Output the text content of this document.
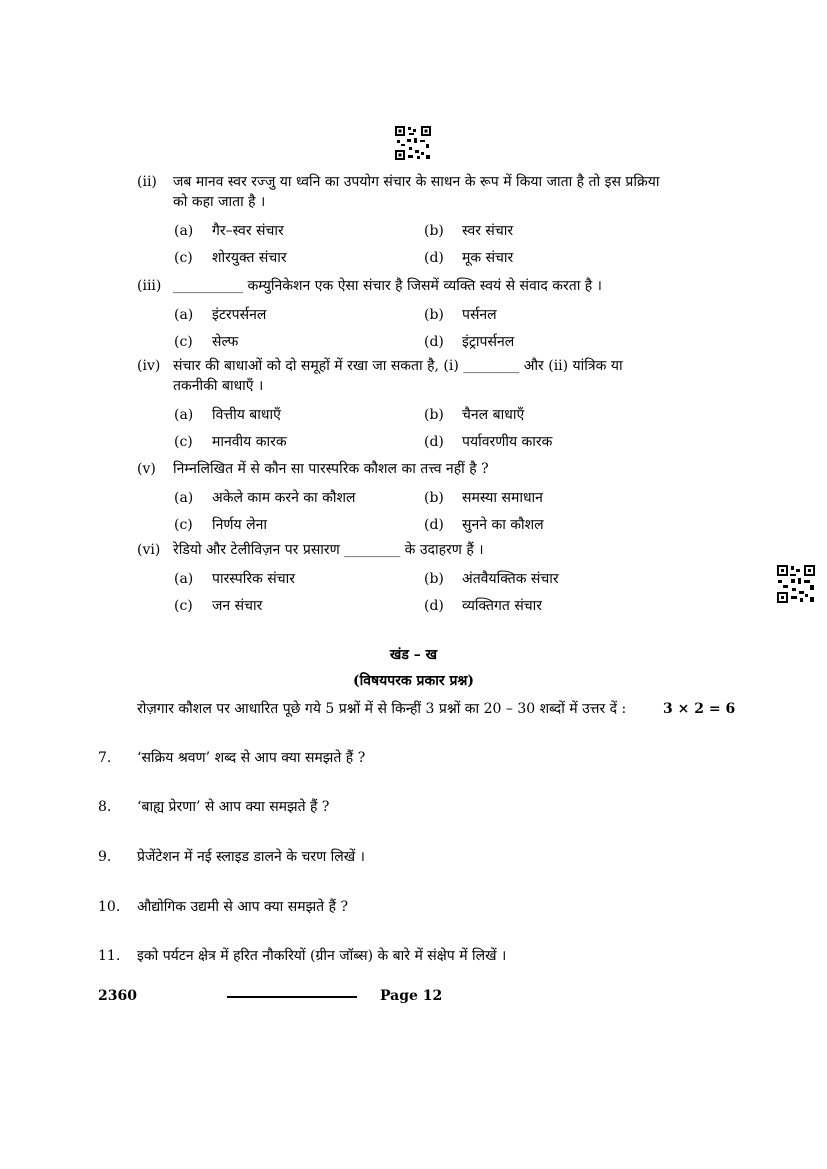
(ii) जब मानव स्वर रज्जु या ध्वनि का उपयोग संचार के साधन के रूप में किया जाता है तो इस प्रक्रिया
को कहा जाता है ।
(a) गैर–स्वर संचार	(b) स्वर संचार
(c) शोरयुक्त संचार	(d) मूक संचार
(iii) __________ कम्युनिकेशन एक ऐसा संचार है जिसमें व्यक्ति स्वयं से संवाद करता है ।
(a) इंटरपर्सनल	(b) पर्सनल
(c) सेल्फ	(d) इंट्रापर्सनल
(iv) संचार की बाधाओं को दो समूहों में रखा जा सकता है, (i) ________ और (ii) यांत्रिक या
तकनीकी बाधाएँ ।
(a) वित्तीय बाधाएँ	(b) चैनल बाधाएँ
(c) मानवीय कारक	(d) पर्यावरणीय कारक
(v) निम्नलिखित में से कौन सा पारस्परिक कौशल का तत्त्व नहीं है ?
(a) अकेले काम करने का कौशल	(b) समस्या समाधान
(c) निर्णय लेना	(d) सुनने का कौशल
(vi) रेडियो और टेलीविज़न पर प्रसारण ________ के उदाहरण हैं ।
(a) पारस्परिक संचार	(b) अंतवैयक्तिक संचार
(c) जन संचार	(d) व्यक्तिगत संचार
खंड – ख
(विषयपरक प्रकार प्रश्न)
रोज़गार कौशल पर आधारित पूछे गये 5 प्रश्नों में से किन्हीं 3 प्रश्नों का 20 – 30 शब्दों में उत्तर दें :	3 × 2 = 6
7. ‘सक्रिय श्रवण’ शब्द से आप क्या समझते हैं ?
8. ‘बाह्य प्रेरणा’ से आप क्या समझते हैं ?
9. प्रेजेंटेशन में नई स्लाइड डालने के चरण लिखें ।
10. औद्योगिक उद्यमी से आप क्या समझते हैं ?
11. इको पर्यटन क्षेत्र में हरित नौकरियों (ग्रीन जॉब्स) के बारे में संक्षेप में लिखें ।
2360	Page 12
